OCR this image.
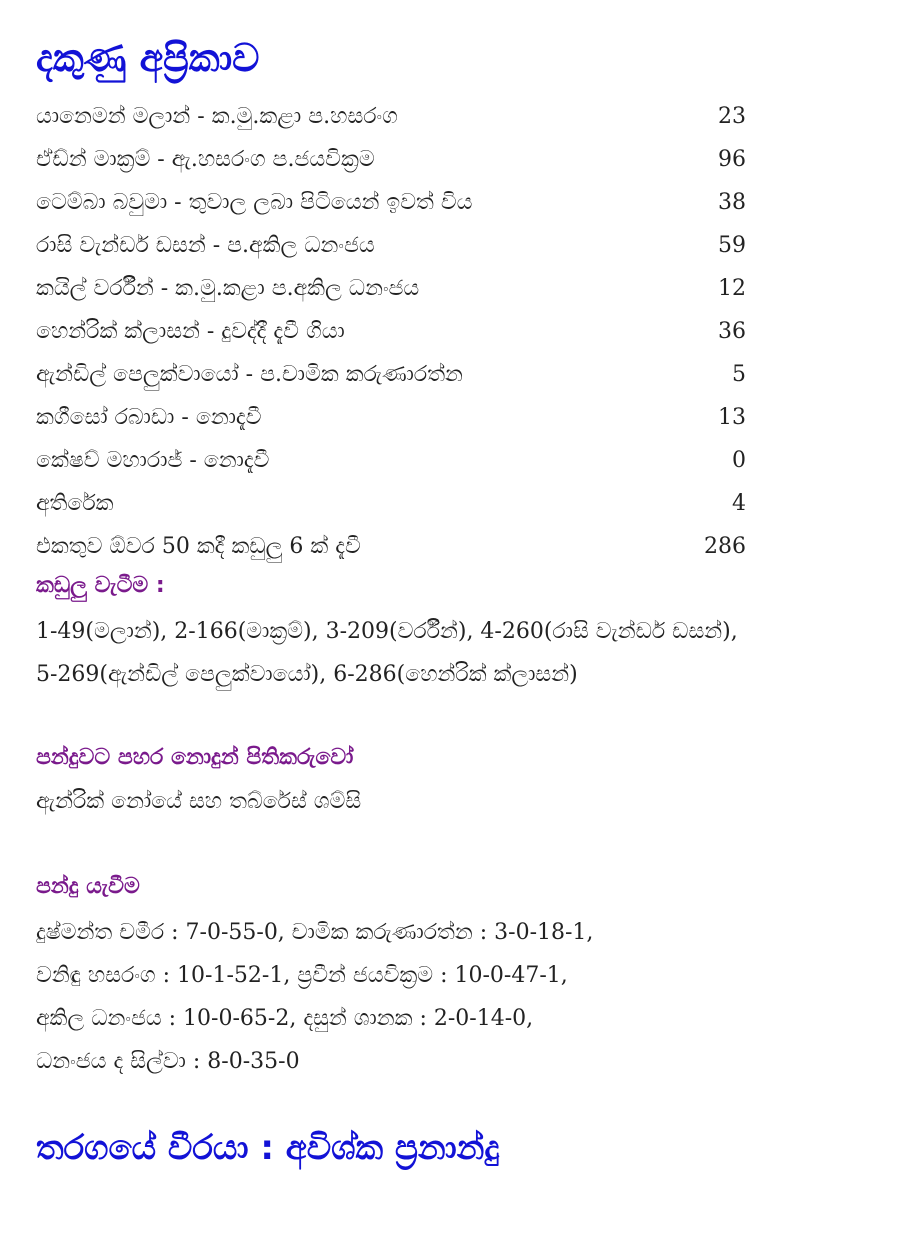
දකුණු අප්‍රිකාව
යානෙමන් මලාන් - ක.මු.කළා ප.හසරංග	23
ඒඩ්න් මාක්‍රම් - ඇ.හසරංග ප.ජයවික්‍රම	96
ටෙම්බා බවුමා - තුවාල ලබා පිටියෙන් ඉවත් විය	38
රාසි වැන්ඩර් ඩසන් - ප.අකිල ධනංජය	59
කයිල් වර්රීන් - ක.මු.කළා ප.අකිල ධනංජය	12
හෙන්රික් ක්ලාසන් - දුවද්දී දැවී ගියා	36
ඇන්ඩිල් පෙලුක්වායෝ - ප.චාමික කරුණාරත්න	5
කගීසෝ රබාඩා - නොදැවී	13
කේෂව් මහාරාජ් - නොදැවී	0
අතිරේක	4
එකතුව ඕවර 50 කදී කඩුලු 6 ක් දැවී	286
කඩුලු වැටීම :
1-49(මලාන්), 2-166(මාක්‍රම්), 3-209(වර්රීන්), 4-260(රාසි වැන්ඩර් ඩසන්),
5-269(ඇන්ඩිල් පෙලුක්වායෝ), 6-286(හෙන්රික් ක්ලාසන්)
පන්දුවට පහර නොදුන් පිතිකරුවෝ
ඇන්රික් නෝයේ සහ තබ්රේස් ශම්සි
පන්දු යැවීම
දුෂ්මන්ත චමීර : 7-0-55-0, චාමික කරුණාරත්න : 3-0-18-1,
වනිඳු හසරංග : 10-1-52-1, ප්‍රවීන් ජයවික්‍රම : 10-0-47-1,
අකිල ධනංජය : 10-0-65-2, දසුන් ශානක : 2-0-14-0,
ධනංජය ද සිල්වා : 8-0-35-0
තරගයේ වීරයා : අවිශ්ක ප්‍රනාන්දු
